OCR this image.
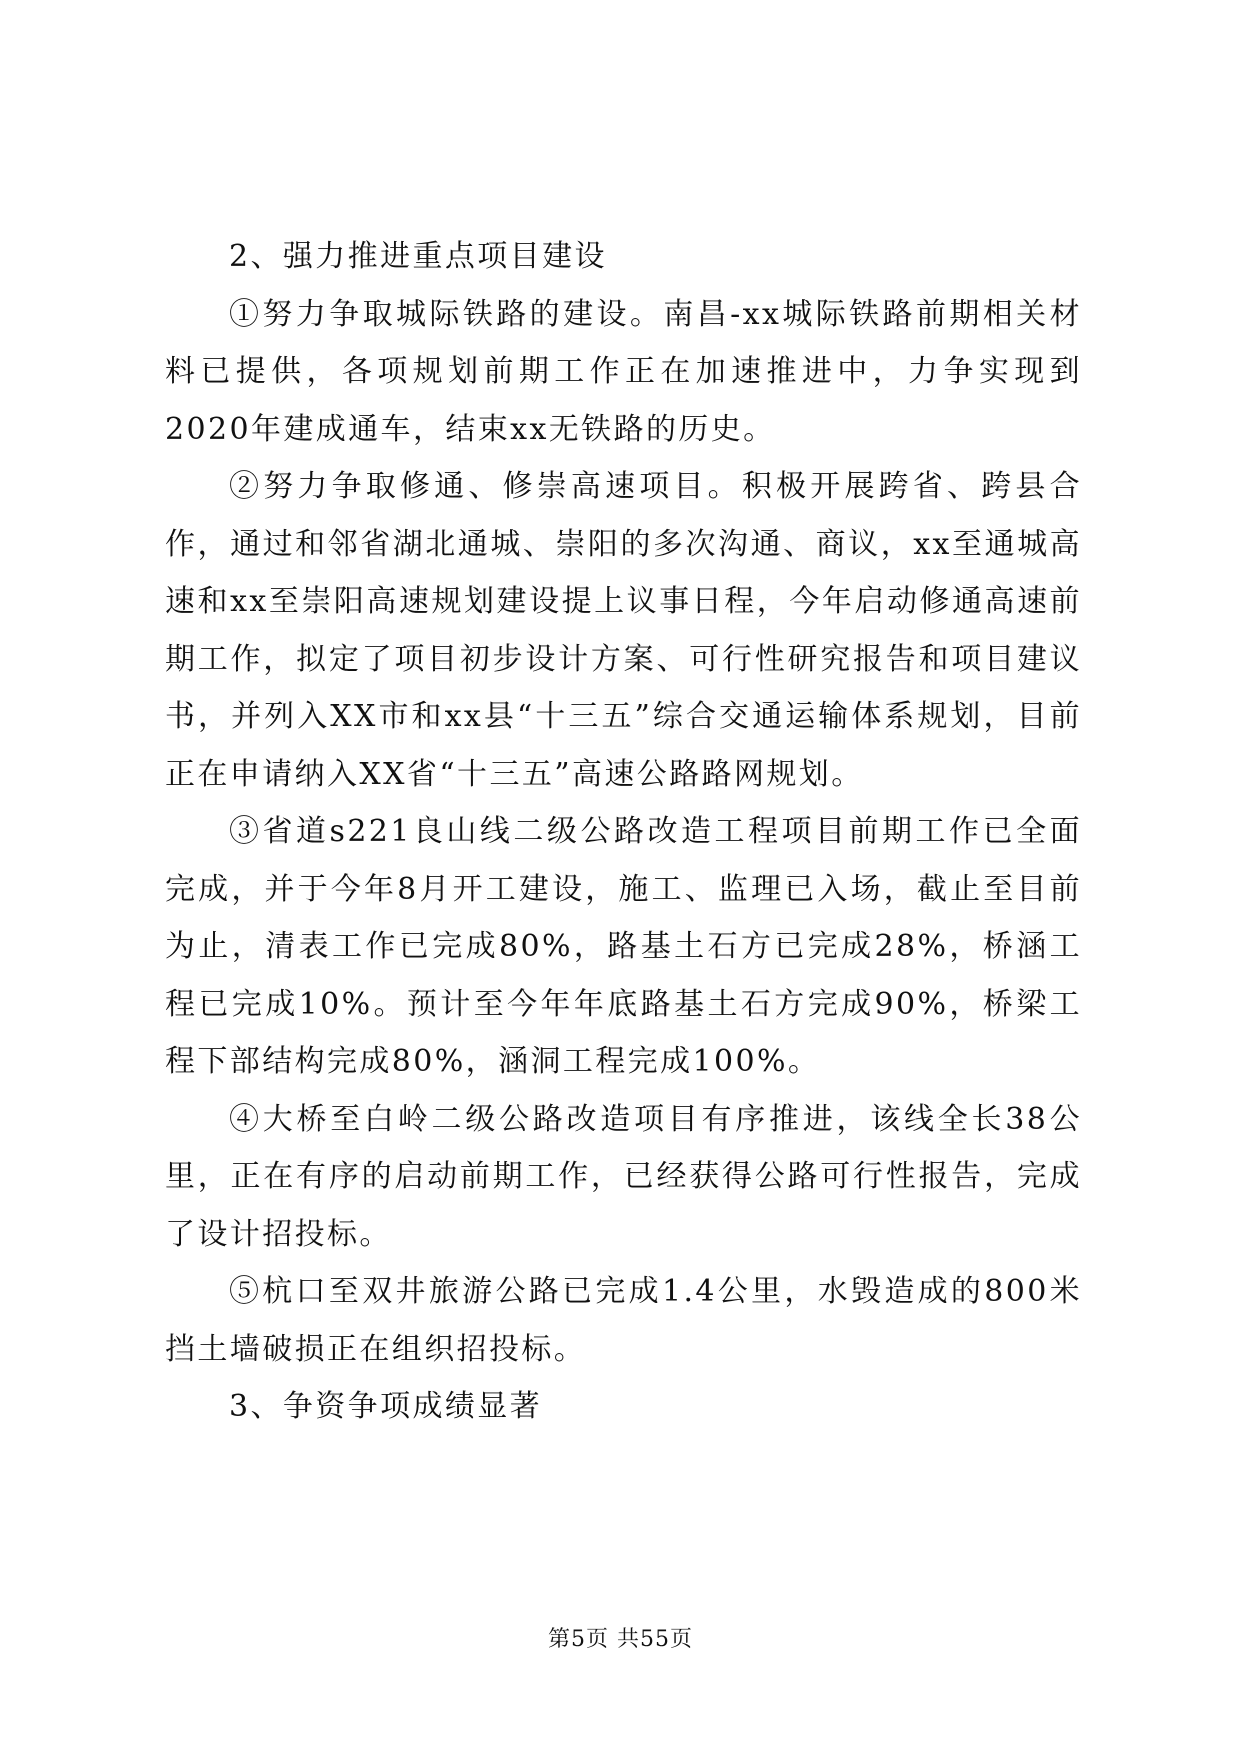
2、强力推进重点项目建设

①努力争取城际铁路的建设。南昌-xx城际铁路前期相关材料已提供，各项规划前期工作正在加速推进中，力争实现到2020年建成通车，结束xx无铁路的历史。

②努力争取修通、修崇高速项目。积极开展跨省、跨县合作，通过和邻省湖北通城、崇阳的多次沟通、商议，xx至通城高速和xx至崇阳高速规划建设提上议事日程，今年启动修通高速前期工作，拟定了项目初步设计方案、可行性研究报告和项目建议书，并列入XX市和xx县“十三五”综合交通运输体系规划，目前正在申请纳入XX省“十三五”高速公路路网规划。

③省道s221良山线二级公路改造工程项目前期工作已全面完成，并于今年8月开工建设，施工、监理已入场，截止至目前为止，清表工作已完成80%，路基土石方已完成28%，桥涵工程已完成10%。预计至今年年底路基土石方完成90%，桥梁工程下部结构完成80%，涵洞工程完成100%。

④大桥至白岭二级公路改造项目有序推进，该线全长38公里，正在有序的启动前期工作，已经获得公路可行性报告，完成了设计招投标。

⑤杭口至双井旅游公路已完成1.4公里，水毁造成的800米挡土墙破损正在组织招投标。

3、争资争项成绩显著

第5页 共55页
